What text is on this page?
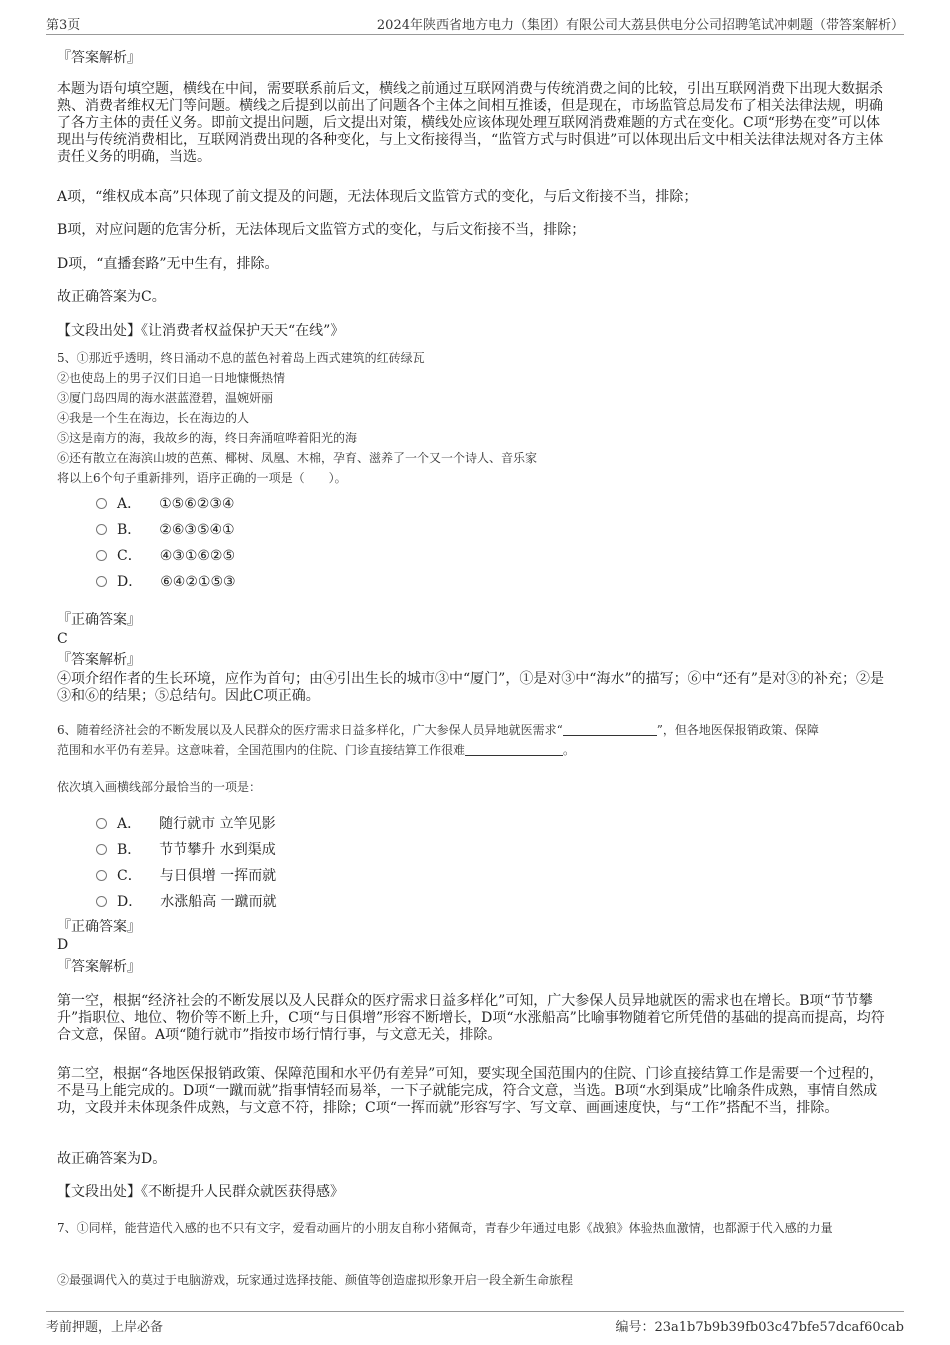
第3页	2024年陕西省地方电力（集团）有限公司大荔县供电分公司招聘笔试冲刺题（带答案解析）
『答案解析』
本题为语句填空题，横线在中间，需要联系前后文，横线之前通过互联网消费与传统消费之间的比较，引出互联网消费下出现大数据杀熟、消费者维权无门等问题。横线之后提到以前出了问题各个主体之间相互推诿，但是现在，市场监管总局发布了相关法律法规，明确了各方主体的责任义务。即前文提出问题，后文提出对策，横线处应该体现处理互联网消费难题的方式在变化。C项“形势在变”可以体现出与传统消费相比，互联网消费出现的各种变化，与上文衔接得当，“监管方式与时俱进”可以体现出后文中相关法律法规对各方主体责任义务的明确，当选。
A项，“维权成本高”只体现了前文提及的问题，无法体现后文监管方式的变化，与后文衔接不当，排除；
B项，对应问题的危害分析，无法体现后文监管方式的变化，与后文衔接不当，排除；
D项，“直播套路”无中生有，排除。
故正确答案为C。
【文段出处】《让消费者权益保护天天“在线”》
5、①那近乎透明，终日涌动不息的蓝色衬着岛上西式建筑的红砖绿瓦
②也使岛上的男子汉们日追一日地慷慨热情
③厦门岛四周的海水湛蓝澄碧，温婉妍丽
④我是一个生在海边，长在海边的人
⑤这是南方的海，我故乡的海，终日奔涌喧哗着阳光的海
⑥还有散立在海滨山坡的芭蕉、椰树、凤凰、木棉，孕育、滋养了一个又一个诗人、音乐家
将以上6个句子重新排列，语序正确的一项是（　　）。
A． ①⑤⑥②③④
B． ②⑥③⑤④①
C． ④③①⑥②⑤
D． ⑥④②①⑤③
『正确答案』
C
『答案解析』
④项介绍作者的生长环境，应作为首句；由④引出生长的城市③中“厦门”，①是对③中“海水”的描写；⑥中“还有”是对③的补充；②是③和⑥的结果；⑤总结句。因此C项正确。
6、随着经济社会的不断发展以及人民群众的医疗需求日益多样化，广大参保人员异地就医需求“	”，但各地医保报销政策、保障
范围和水平仍有差异。这意味着，全国范围内的住院、门诊直接结算工作很难	。
依次填入画横线部分最恰当的一项是：
A． 随行就市 立竿见影
B． 节节攀升 水到渠成
C． 与日俱增 一挥而就
D． 水涨船高 一蹴而就
『正确答案』
D
『答案解析』
第一空，根据“经济社会的不断发展以及人民群众的医疗需求日益多样化”可知，广大参保人员异地就医的需求也在增长。B项“节节攀升”指职位、地位、物价等不断上升，C项“与日俱增”形容不断增长，D项“水涨船高”比喻事物随着它所凭借的基础的提高而提高，均符合文意，保留。A项“随行就市”指按市场行情行事，与文意无关，排除。
第二空，根据“各地医保报销政策、保障范围和水平仍有差异”可知，要实现全国范围内的住院、门诊直接结算工作是需要一个过程的，不是马上能完成的。D项“一蹴而就”指事情轻而易举，一下子就能完成，符合文意，当选。B项“水到渠成”比喻条件成熟，事情自然成功，文段并未体现条件成熟，与文意不符，排除；C项“一挥而就”形容写字、写文章、画画速度快，与“工作”搭配不当，排除。
故正确答案为D。
【文段出处】《不断提升人民群众就医获得感》
7、①同样，能营造代入感的也不只有文字，爱看动画片的小朋友自称小猪佩奇，青春少年通过电影《战狼》体验热血激情，也都源于代入感的力量
②最强调代入的莫过于电脑游戏，玩家通过选择技能、颜值等创造虚拟形象开启一段全新生命旅程
考前押题，上岸必备	编号：23a1b7b9b39fb03c47bfe57dcaf60cab
